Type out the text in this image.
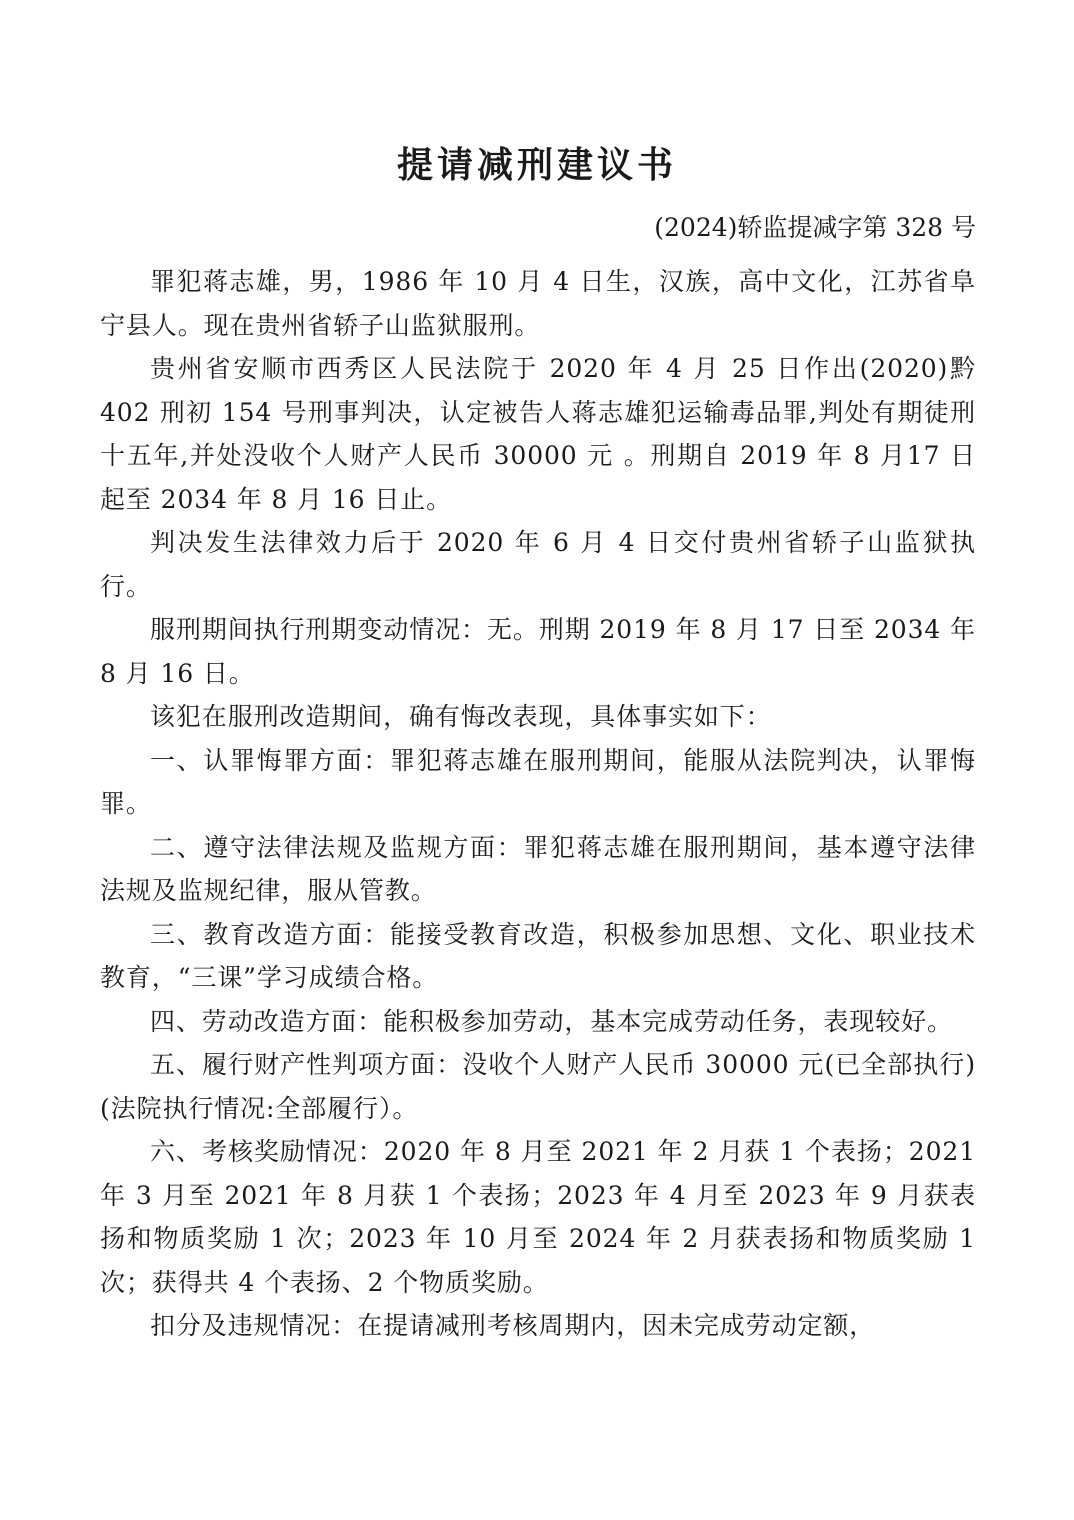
提请减刑建议书
(2024)轿监提减字第 328 号

罪犯蒋志雄，男，1986 年 10 月 4 日生，汉族，高中文化，江苏省阜宁县人。现在贵州省轿子山监狱服刑。

贵州省安顺市西秀区人民法院于 2020 年 4 月 25 日作出(2020)黔402 刑初 154 号刑事判决，认定被告人蒋志雄犯运输毒品罪,判处有期徒刑十五年,并处没收个人财产人民币 30000 元 。刑期自 2019 年 8 月17 日起至 2034 年 8 月 16 日止。

判决发生法律效力后于 2020 年 6 月 4 日交付贵州省轿子山监狱执行。

服刑期间执行刑期变动情况：无。刑期 2019 年 8 月 17 日至 2034 年 8 月 16 日。

该犯在服刑改造期间，确有悔改表现，具体事实如下：

一、认罪悔罪方面：罪犯蒋志雄在服刑期间，能服从法院判决，认罪悔罪。

二、遵守法律法规及监规方面：罪犯蒋志雄在服刑期间，基本遵守法律法规及监规纪律，服从管教。

三、教育改造方面：能接受教育改造，积极参加思想、文化、职业技术教育，“三课”学习成绩合格。

四、劳动改造方面：能积极参加劳动，基本完成劳动任务，表现较好。

五、履行财产性判项方面：没收个人财产人民币 30000 元(已全部执行)(法院执行情况:全部履行）。

六、考核奖励情况：2020 年 8 月至 2021 年 2 月获 1 个表扬；2021 年 3 月至 2021 年 8 月获 1 个表扬；2023 年 4 月至 2023 年 9 月获表扬和物质奖励 1 次；2023 年 10 月至 2024 年 2 月获表扬和物质奖励 1 次；获得共 4 个表扬、2 个物质奖励。

扣分及违规情况：在提请减刑考核周期内，因未完成劳动定额，
